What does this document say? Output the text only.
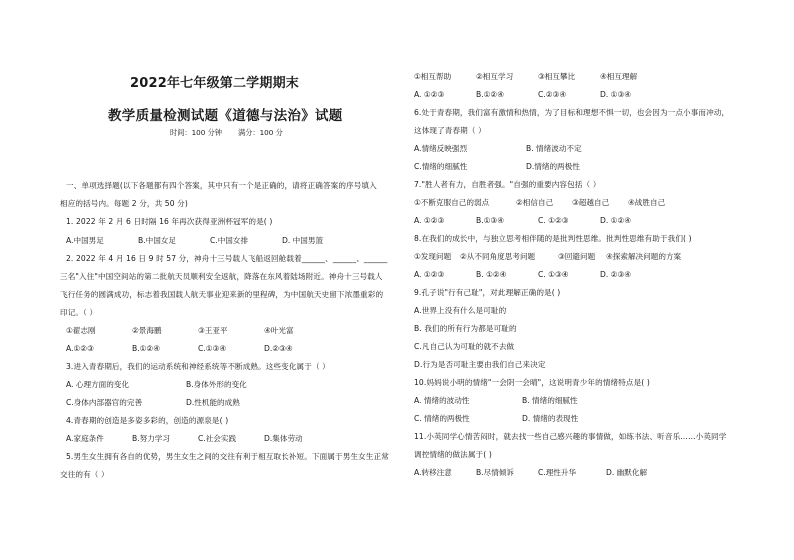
2022年七年级第二学期期末
教学质量检测试题《道德与法治》试题
时间：100 分钟 满分：100 分
一、单项选择题(以下各题都有四个答案，其中只有一个是正确的，请将正确答案的序号填入
相应的括号内。每题 2 分，共 50 分)
1. 2022 年 2 月 6 日时隔 16 年再次获得亚洲杯冠军的是( )
A.中国男足	B.中国女足	C.中国女排	D. 中国男篮
2. 2022 年 4 月 16 日 9 时 57 分，神舟十三号载人飞船返回舱载着______、______、______
三名"入住"中国空间站的第二批航天员顺利安全返航，降落在东风着陆场附近。神舟十三号载人
飞行任务的圆满成功，标志着我国载人航天事业迎来新的里程碑，为中国航天史留下浓墨重彩的
印记。（ ）
①翟志刚	②景海鹏	③王亚平	④叶光富
A.①②③	B.①②④	C.①③④	D.②③④
3.进入青春期后，我们的运动系统和神经系统等不断成熟。这些变化属于（ ）
A. 心理方面的变化	B.身体外形的变化
C.身体内部器官的完善	D.性机能的成熟
4.青春期的创造是多姿多彩的，创造的源泉是( )
A.家庭条件	B.努力学习	C.社会实践	D.集体劳动
5.男生女生拥有各自的优势，男生女生之间的交往有利于相互取长补短。下面属于男生女生正常
交往的有（ ）
①相互帮助	②相互学习	③相互攀比	④相互理解
A. ①②③	B.①②④	C.②③④	D. ①③④
6.处于青春期，我们富有激情和热情，为了目标和理想不惧一切，也会因为一点小事而冲动，
这体现了青春期（ ）
A.情绪反映强烈	B. 情绪波动不定
C.情绪的细腻性	D.情绪的两极性
7."胜人者有力，自胜者强。"自强的重要内容包括（ ）
①不断克服自己的弱点	②相信自己	③超越自己	④战胜自己
A. ①②③	B.①③④	C. ①②③	D. ①②④
8.在我们的成长中，与独立思考相伴随的是批判性思维。批判性思维有助于我们( )
①发现问题	②从不同角度思考问题	③回避问题	④探索解决问题的方案
A. ①②③	B. ①②④	C. ①③④	D. ②③④
9.孔子说"行有己耻"，对此理解正确的是( )
A.世界上没有什么是可耻的
B. 我们的所有行为都是可耻的
C.凡自己认为可耻的就不去做
D.行为是否可耻主要由我们自己来决定
10.妈妈说小明的情绪"一会阴一会晴"，这说明青少年的情绪特点是( )
A. 情绪的波动性	B. 情绪的细腻性
C. 情绪的两极性	D. 情绪的表现性
11.小英同学心情苦闷时，就去找一些自己感兴趣的事情做，如练书法、听音乐……小英同学
调控情绪的做法属于( )
A.转移注意	B.尽情倾诉	C.理性升华	D. 幽默化解
